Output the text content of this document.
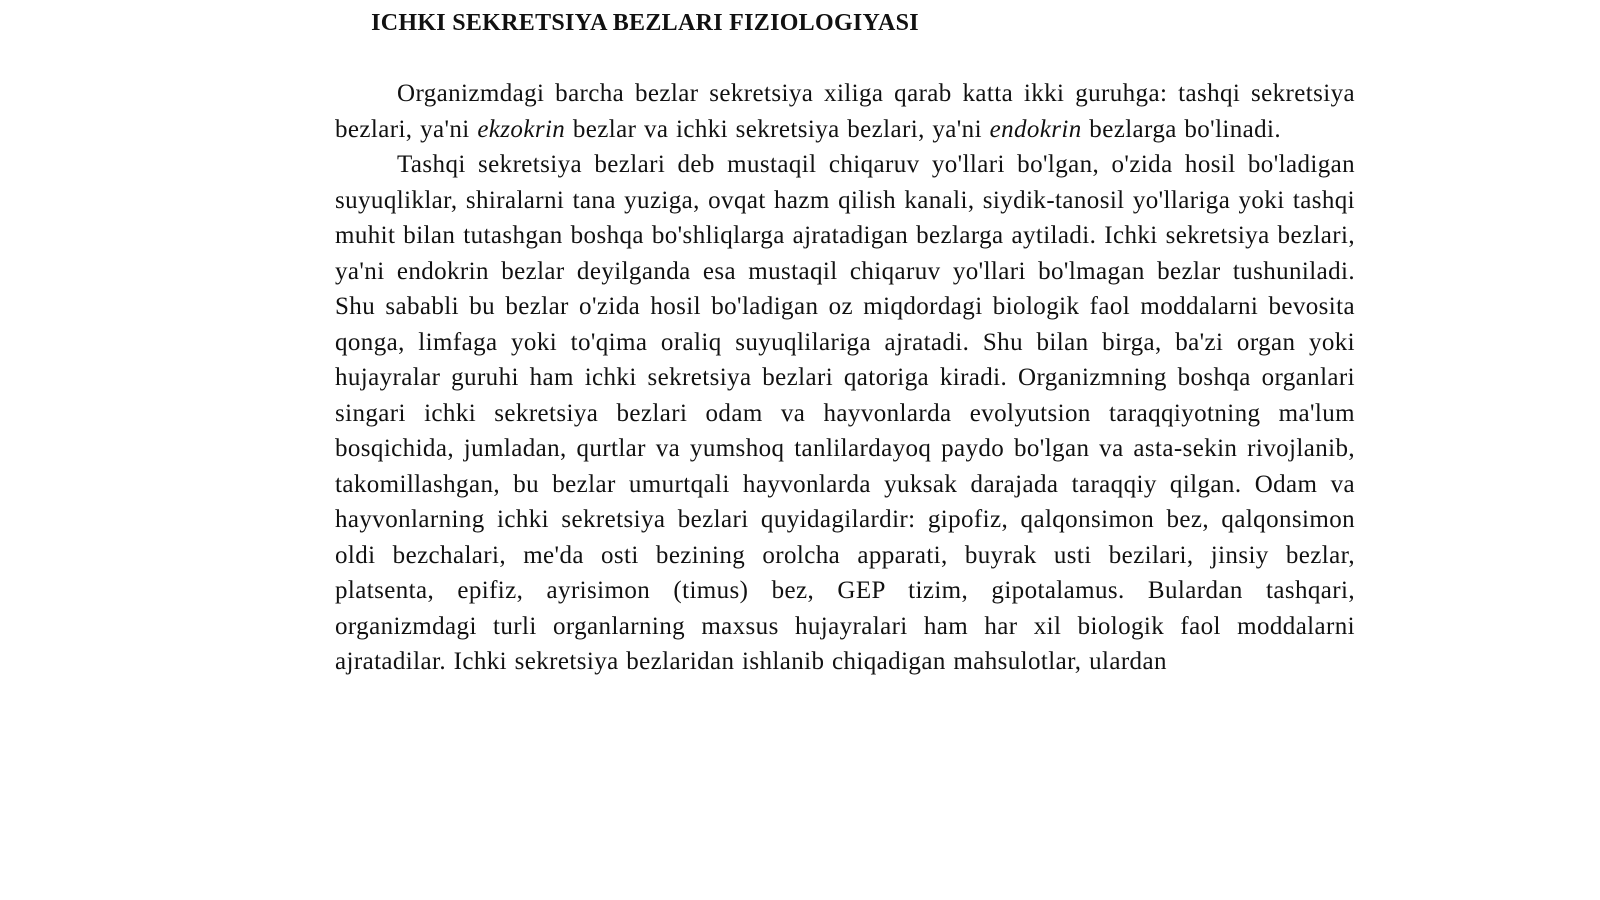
ICHKI SEKRETSIYA BEZLARI FIZIOLOGIYASI

Organizmdagi barcha bezlar sekretsiya xiliga qarab katta ikki guruhga: tashqi sekretsiya bezlari, ya'ni ekzokrin bezlar va ichki sekretsiya bezlari, ya'ni endokrin bezlarga bo'linadi.

Tashqi sekretsiya bezlari deb mustaqil chiqaruv yo'llari bo'lgan, o'zida hosil bo'ladigan suyuqliklar, shiralarni tana yuziga, ovqat hazm qilish kanali, siydik-tanosil yo'llariga yoki tashqi muhit bilan tutashgan boshqa bo'shliqlarga ajratadigan bezlarga aytiladi. Ichki sekretsiya bezlari, ya'ni endokrin bezlar deyilganda esa mustaqil chiqaruv yo'llari bo'lmagan bezlar tushuniladi. Shu sababli bu bezlar o'zida hosil bo'ladigan oz miqdordagi biologik faol moddalarni bevosita qonga, limfaga yoki to'qima oraliq suyuqlilariga ajratadi. Shu bilan birga, ba'zi organ yoki hujayralar guruhi ham ichki sekretsiya bezlari qatoriga kiradi. Organizmning boshqa organlari singari ichki sekretsiya bezlari odam va hayvonlarda evolyutsion taraqqiyotning ma'lum bosqichida, jumladan, qurtlar va yumshoq tanlilardayoq paydo bo'lgan va asta-sekin rivojlanib, takomillashgan, bu bezlar umurtqali hayvonlarda yuksak darajada taraqqiy qilgan. Odam va hayvonlarning ichki sekretsiya bezlari quyidagilardir: gipofiz, qalqonsimon bez, qalqonsimon oldi bezchalari, me'da osti bezining orolcha apparati, buyrak usti bezilari, jinsiy bezlar, platsenta, epifiz, ayrisimon (timus) bez, GEP tizim, gipotalamus. Bulardan tashqari, organizmdagi turli organlarning maxsus hujayralari ham har xil biologik faol moddalarni ajratadilar. Ichki sekretsiya bezlaridan ishlanib chiqadigan mahsulotlar, ulardan
